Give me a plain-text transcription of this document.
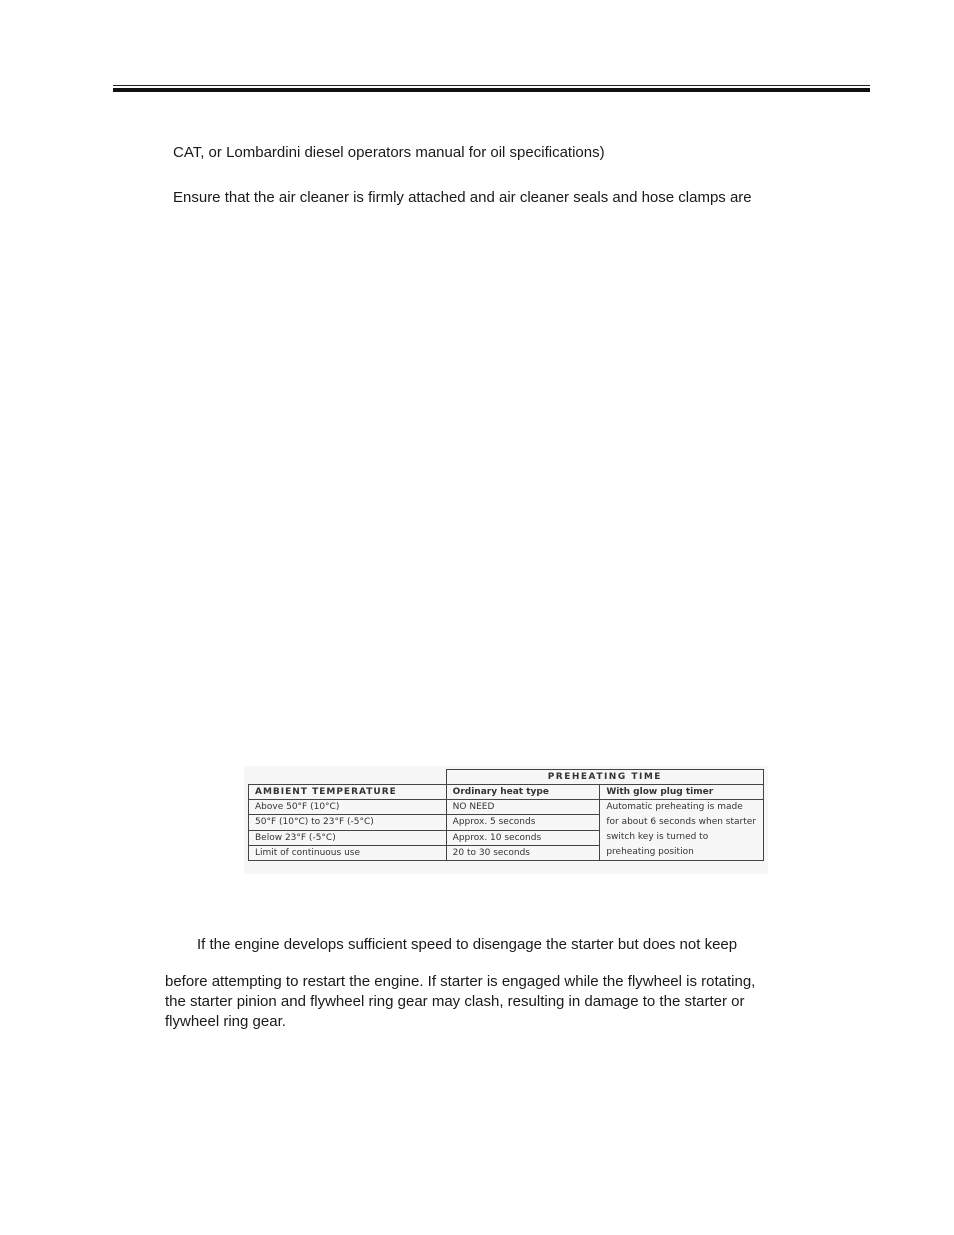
CAT, or Lombardini diesel operators manual for oil specifications)
Ensure that the air cleaner is firmly attached and air cleaner seals and hose clamps are
	PREHEATING TIME	
AMBIENT TEMPERATURE	Ordinary heat type	With glow plug timer
Above 50°F (10°C)	NO NEED	Automatic preheating is made for about 6 seconds when starter switch key is turned to preheating position
50°F (10°C) to 23°F (-5°C)	Approx. 5 seconds	
Below 23°F (-5°C)	Approx. 10 seconds	
Limit of continuous use	20 to 30 seconds	
If the engine develops sufficient speed to disengage the starter but does not keep
before attempting to restart the engine. If starter is engaged while the flywheel is rotating,
the starter pinion and flywheel ring gear may clash, resulting in damage to the starter or
flywheel ring gear.
